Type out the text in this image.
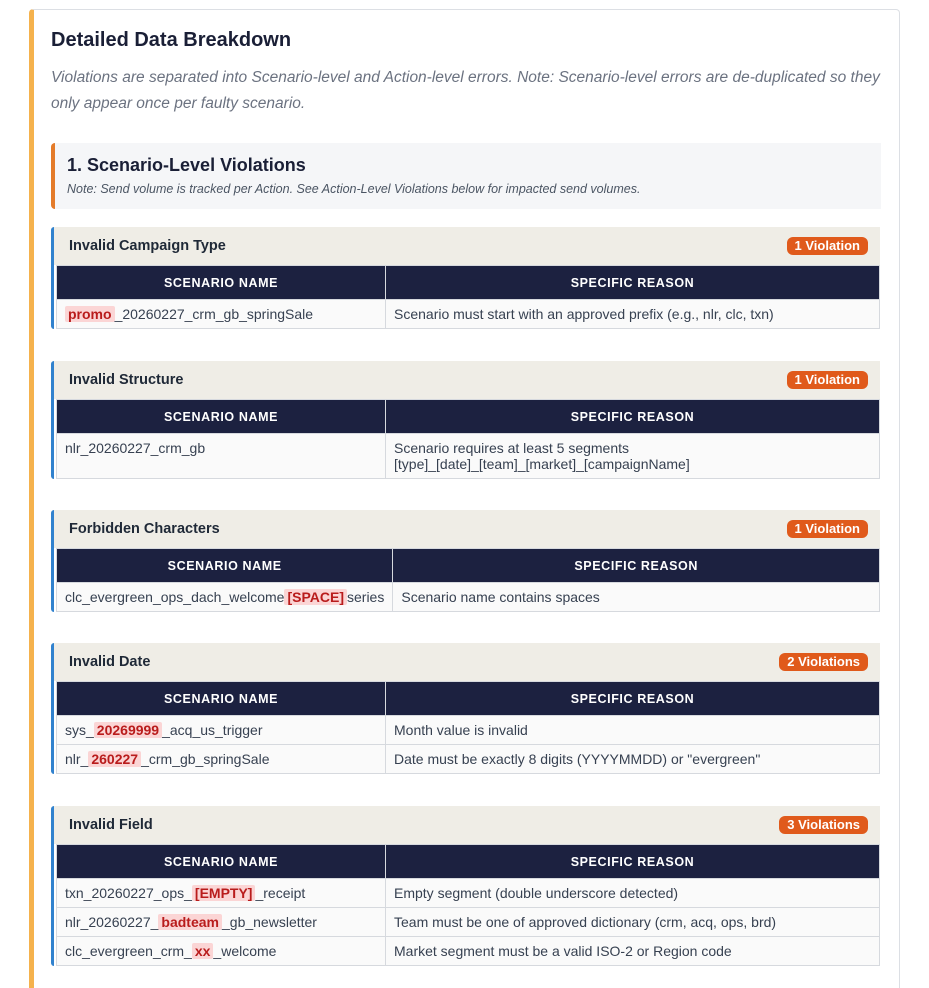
Detailed Data Breakdown
Violations are separated into Scenario-level and Action-level errors. Note: Scenario-level errors are de-duplicated so they only appear once per faulty scenario.
1. Scenario-Level Violations
Note: Send volume is tracked per Action. See Action-Level Violations below for impacted send volumes.
Invalid Campaign Type	1 Violation
SCENARIO NAME	SPECIFIC REASON
promo _20260227_crm_gb_springSale	Scenario must start with an approved prefix (e.g., nlr, clc, txn)
Invalid Structure	1 Violation
SCENARIO NAME	SPECIFIC REASON
nlr_20260227_crm_gb	Scenario requires at least 5 segments
[type]_[date]_[team]_[market]_[campaignName]
Forbidden Characters	1 Violation
SCENARIO NAME	SPECIFIC REASON
clc_evergreen_ops_dach_welcome [SPACE] series	Scenario name contains spaces
Invalid Date	2 Violations
SCENARIO NAME	SPECIFIC REASON
sys_ 20269999 _acq_us_trigger	Month value is invalid
nlr_ 260227 _crm_gb_springSale	Date must be exactly 8 digits (YYYYMMDD) or "evergreen"
Invalid Field	3 Violations
SCENARIO NAME	SPECIFIC REASON
txn_20260227_ops_ [EMPTY] _receipt	Empty segment (double underscore detected)
nlr_20260227_ badteam _gb_newsletter	Team must be one of approved dictionary (crm, acq, ops, brd)
clc_evergreen_crm_ xx _welcome	Market segment must be a valid ISO-2 or Region code
